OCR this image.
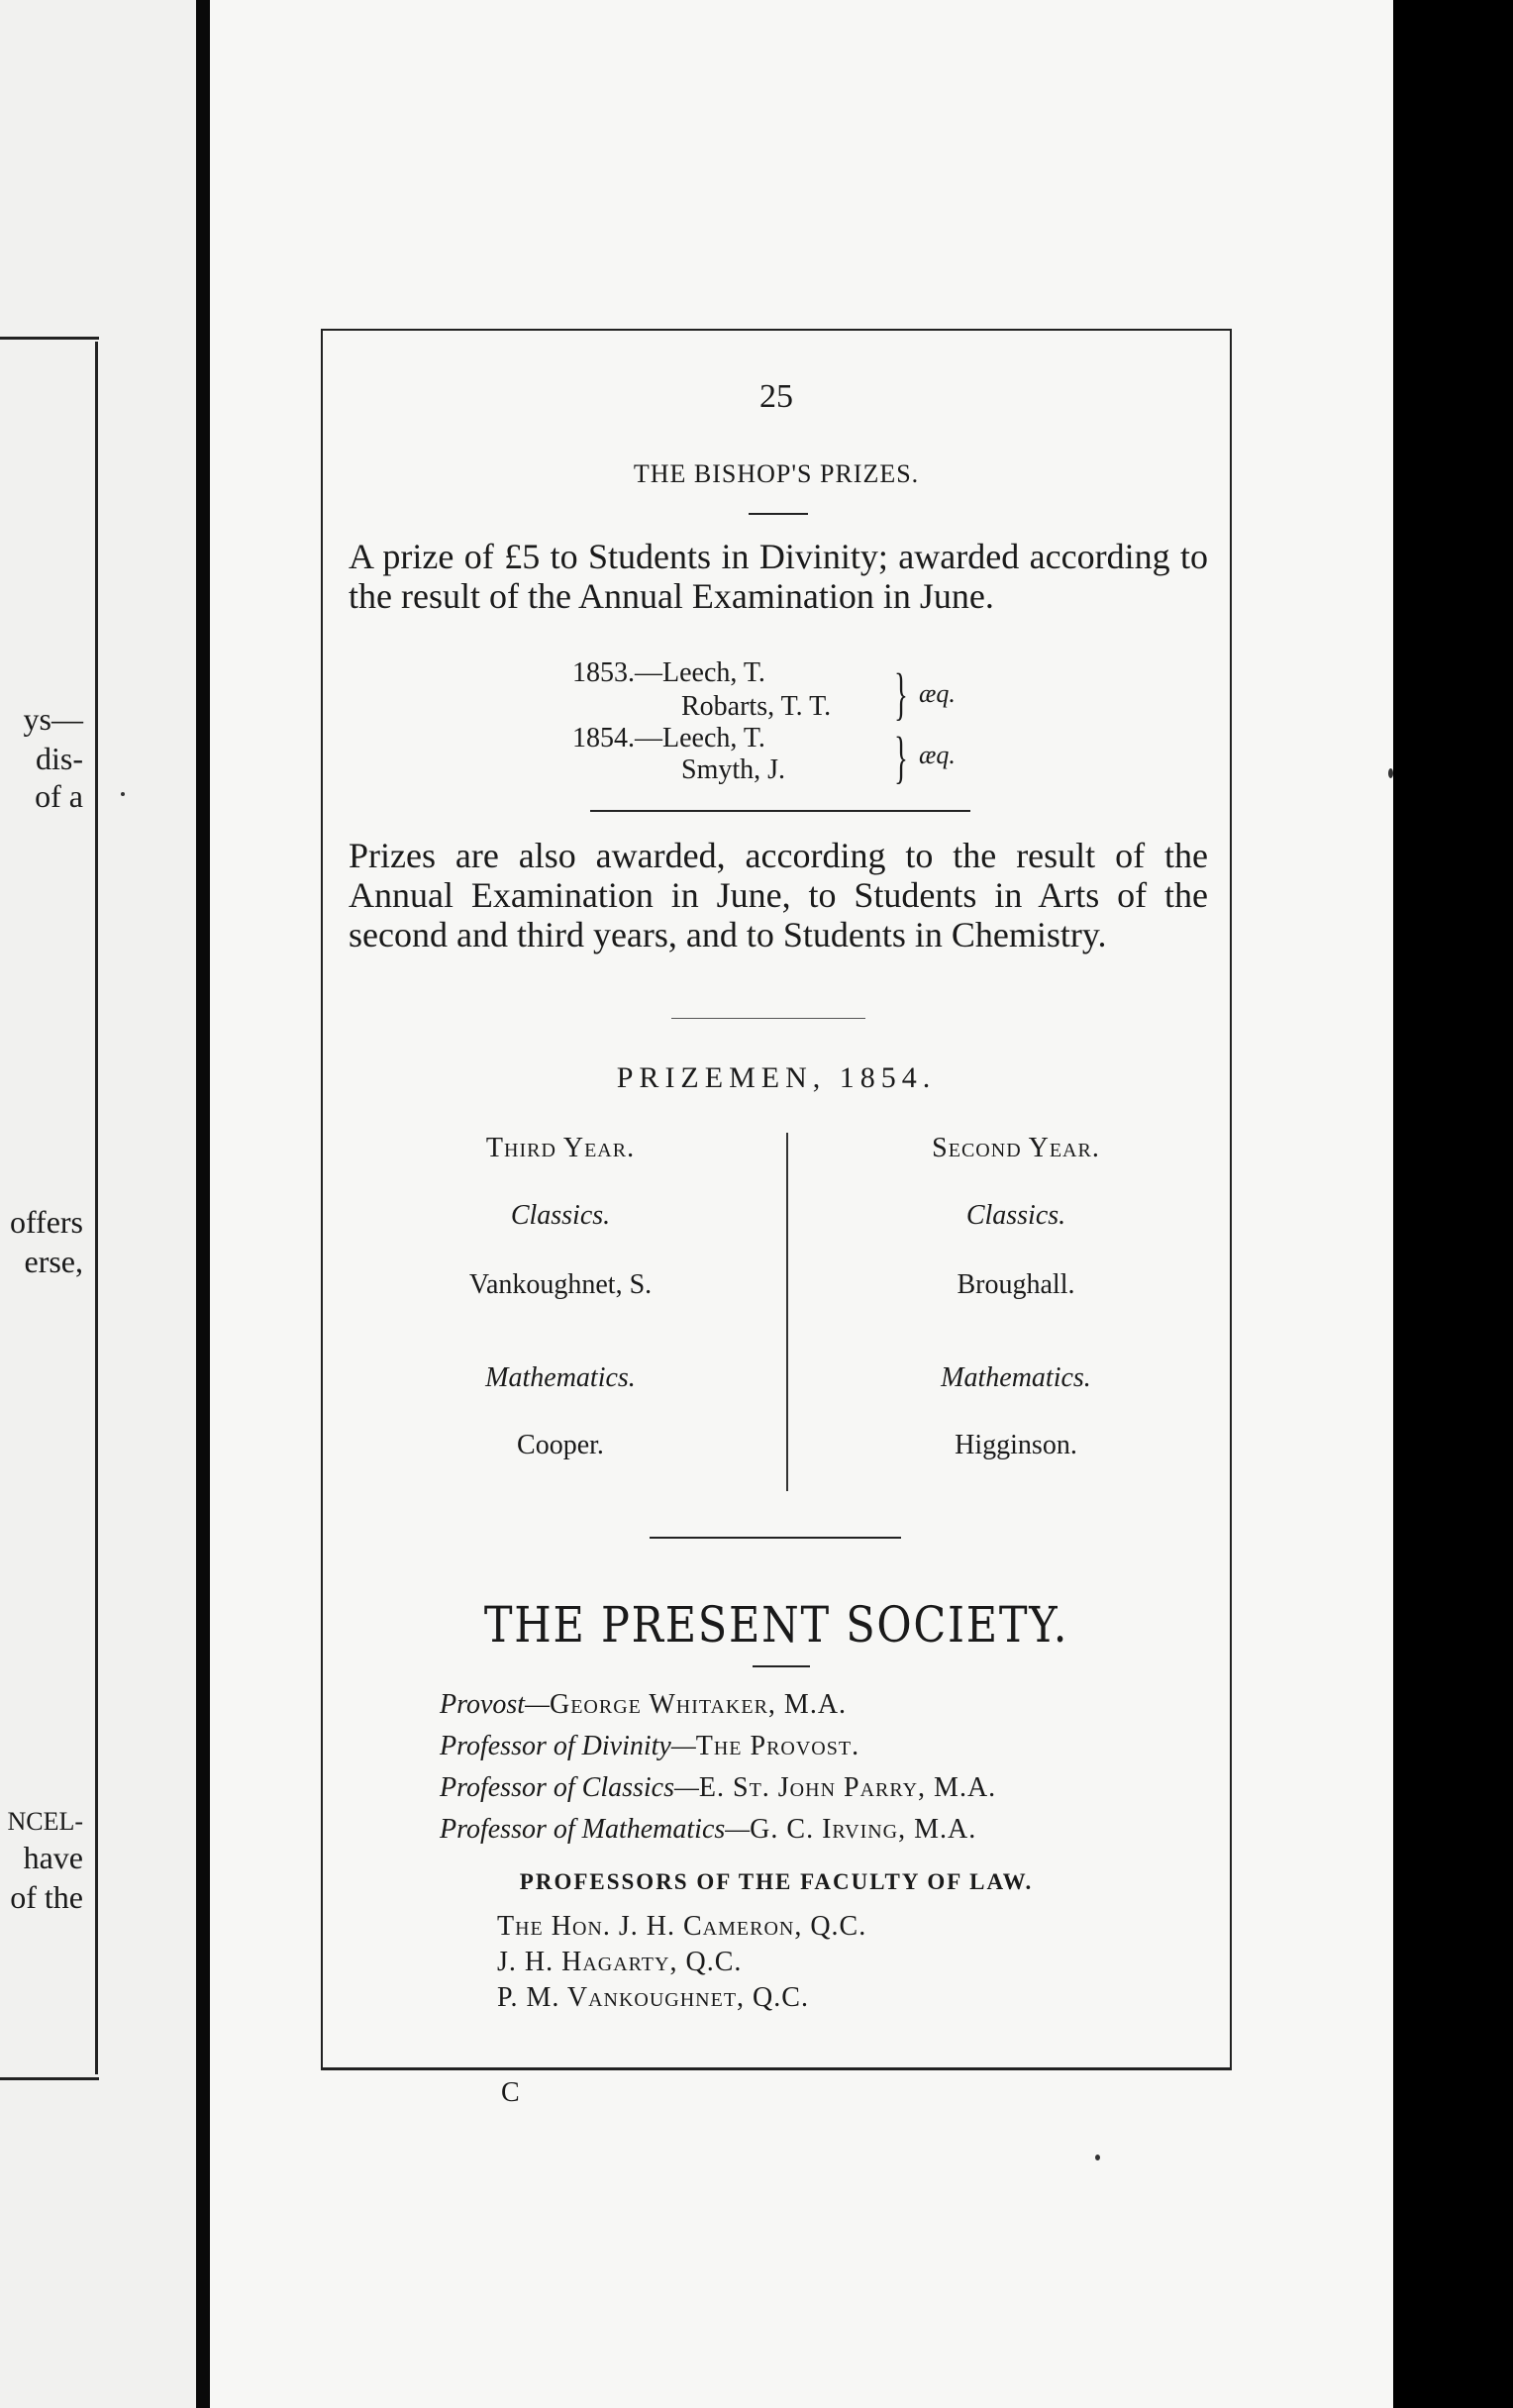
ys—
dis-
of a
offers
erse,
NCEL-
have
of the
25
THE BISHOP'S PRIZES.

A prize of £5 to Students in Divinity; awarded according to the result of the Annual Examination in June.

1853.—Leech, T.
Robarts, T. T. } æq.
1854.—Leech, T.
Smyth, J. } æq.

Prizes are also awarded, according to the result of the Annual Examination in June, to Students in Arts of the second and third years, and to Students in Chemistry.

PRIZEMEN, 1854.
Third Year.
Classics.
Vankoughnet, S.
Mathematics.
Cooper.
Second Year.
Classics.
Broughall.
Mathematics.
Higginson.
THE PRESENT SOCIETY.
Provost—George Whitaker, M.A.
Professor of Divinity—The Provost.
Professor of Classics—E. St. John Parry, M.A.
Professor of Mathematics—G. C. Irving, M.A.
PROFESSORS OF THE FACULTY OF LAW.
The Hon. J. H. Cameron, Q.C.
J. H. Hagarty, Q.C.
P. M. Vankoughnet, Q.C.
C
